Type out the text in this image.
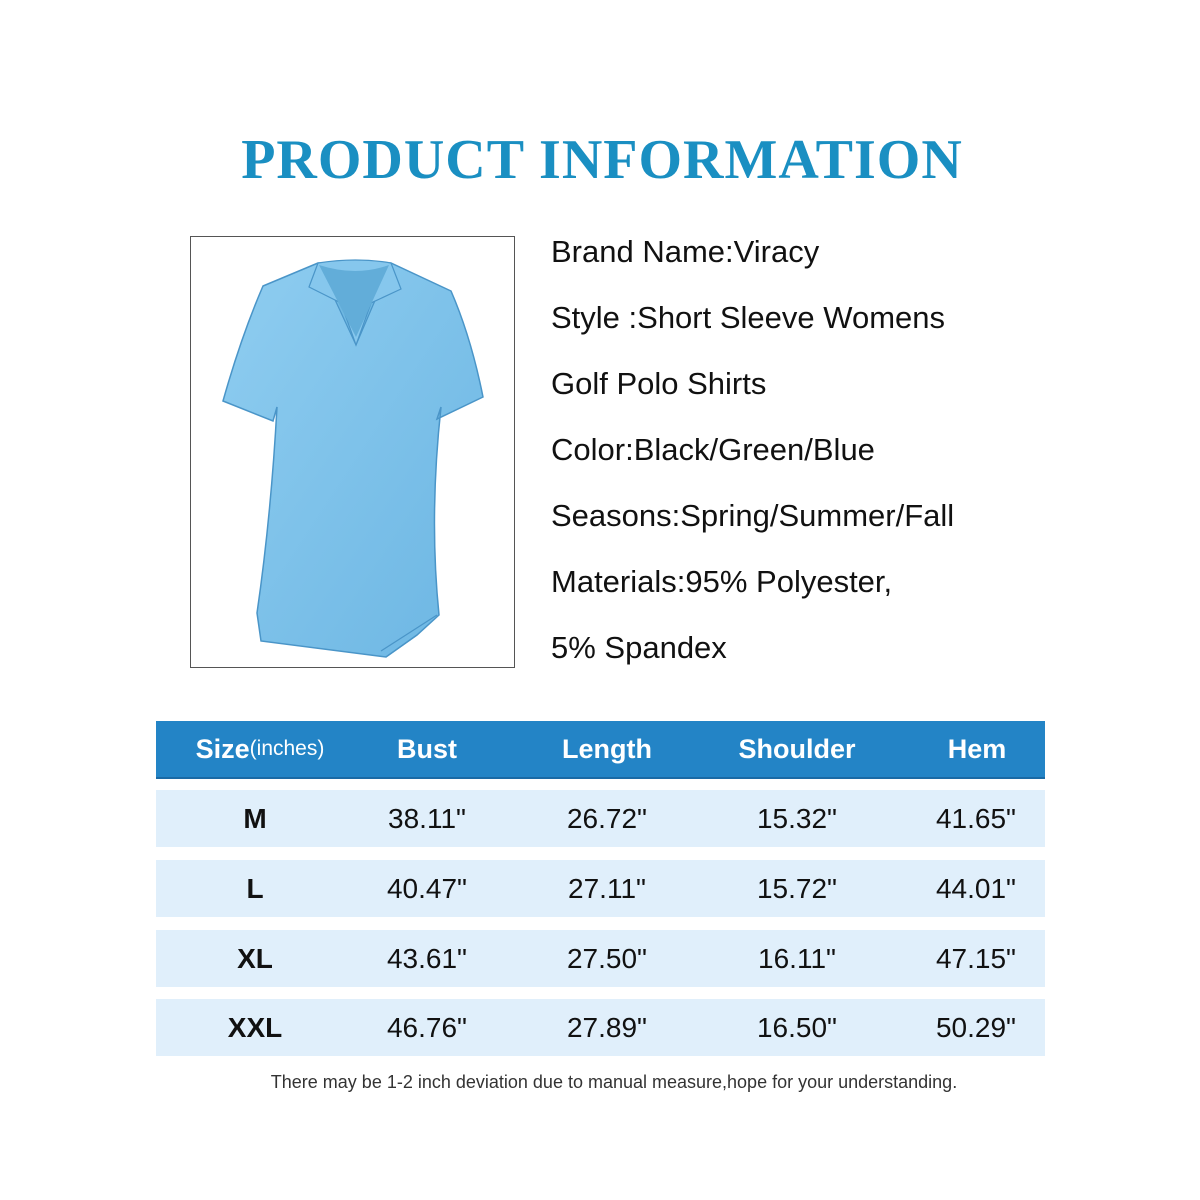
PRODUCT INFORMATION
Brand Name:Viracy
Style :Short Sleeve Womens
Golf Polo Shirts
Color:Black/Green/Blue
Seasons:Spring/Summer/Fall
Materials:95% Polyester,
5% Spandex
Size (inches)	Bust	Length	Shoulder	Hem
M	38.11"	26.72"	15.32"	41.65"
L	40.47"	27.11"	15.72"	44.01"
XL	43.61"	27.50"	16.11"	47.15"
XXL	46.76"	27.89"	16.50"	50.29"
There may be 1-2 inch deviation due to manual measure,hope for your understanding.
